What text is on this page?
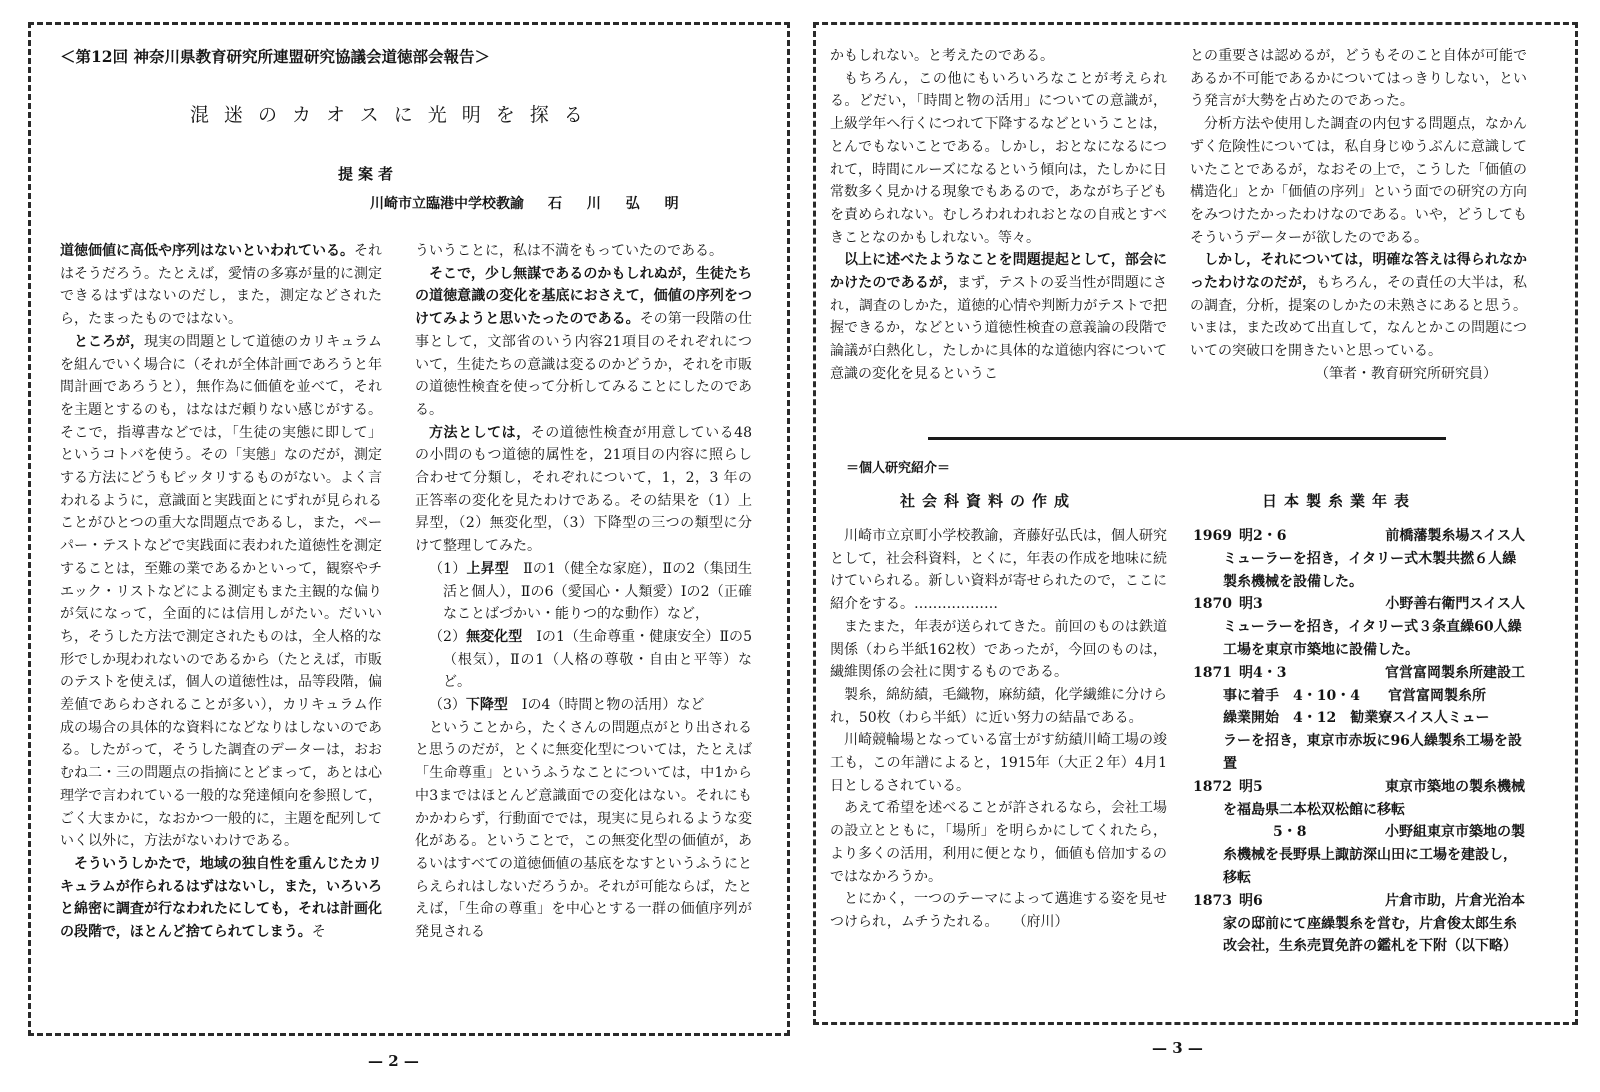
＜第12回 神奈川県教育研究所連盟研究協議会道徳部会報告＞
混迷のカオスに光明を探る
提案者
川崎市立臨港中学校教諭 石 川 弘 明

道徳価値に高低や序列はないといわれている。それはそうだろう。たとえば，愛情の多寡が量的に測定できるはずはないのだし，また，測定などされたら，たまったものではない。

ところが，現実の問題として道徳のカリキュラムを組んでいく場合に（それが全体計画であろうと年間計画であろうと），無作為に価値を並べて，それを主題とするのも，はなはだ頼りない感じがする。そこで，指導書などでは，「生徒の実態に即して」というコトバを使う。その「実態」なのだが，測定する方法にどうもピッタリするものがない。よく言われるように，意識面と実践面とにずれが見られることがひとつの重大な問題点であるし，また，ペーパー・テストなどで実践面に表われた道徳性を測定することは，至難の業であるかといって，観察やチエック・リストなどによる測定もまた主観的な偏りが気になって，全面的には信用しがたい。だいいち，そうした方法で測定されたものは，全人格的な形でしか現われないのであるから（たとえば，市販のテストを使えば，個人の道徳性は，品等段階，偏差値であらわされることが多い），カリキュラム作成の場合の具体的な資料になどなりはしないのである。したがって，そうした調査のデーターは，おおむね二・三の問題点の指摘にとどまって，あとは心理学で言われている一般的な発達傾向を参照して，ごく大まかに，なおかつ一般的に，主題を配列していく以外に，方法がないわけである。

そういうしかたで，地域の独自性を重んじたカリキュラムが作られるはずはないし，また，いろいろと綿密に調査が行なわれたにしても，それは計画化の段階で，ほとんど捨てられてしまう。そ

ういうことに，私は不満をもっていたのである。

そこで，少し無謀であるのかもしれぬが，生徒たちの道徳意識の変化を基底におさえて，価値の序列をつけてみようと思いたったのである。その第一段階の仕事として，文部省のいう内容21項目のそれぞれについて，生徒たちの意識は変るのかどうか，それを市販の道徳性検査を使って分析してみることにしたのである。

方法としては，その道徳性検査が用意している48の小問のもつ道徳的属性を，21項目の内容に照らし合わせて分類し，それぞれについて，1，2，3 年の正答率の変化を見たわけである。その結果を（1）上昇型，（2）無変化型，（3）下降型の三つの類型に分けて整理してみた。

（1）上昇型　 Ⅱの1（健全な家庭），Ⅱの2（集団生活と個人），Ⅱの6（愛国心・人類愛）Ⅰの2（正確なことばづかい・能りつ的な動作）など，

（2）無変化型　 Ⅰの1（生命尊重・健康安全）Ⅱの5（根気），Ⅱの1（人格の尊敬・自由と平等）など。

（3）下降型　 Ⅰの4（時間と物の活用）など

ということから，たくさんの問題点がとり出されると思うのだが，とくに無変化型については，たとえば「生命尊重」というふうなことについては，中1から中3まではほとんど意識面での変化はない。それにもかかわらず，行動面ででは，現実に見られるような変化がある。ということで，この無変化型の価値が，あるいはすべての道徳価値の基底をなすというふうにとらえられはしないだろうか。それが可能ならば，たとえば，「生命の尊重」を中心とする一群の価値序列が発見される

— 2 —

かもしれない。と考えたのである。

もちろん，この他にもいろいろなことが考えられる。どだい，「時間と物の活用」についての意識が，上級学年へ行くにつれて下降するなどということは，とんでもないことである。しかし，おとなになるにつれて，時間にルーズになるという傾向は，たしかに日常数多く見かける現象でもあるので，あながち子どもを責められない。むしろわれわれおとなの自戒とすべきことなのかもしれない。等々。

以上に述べたようなことを問題提起として，部会にかけたのであるが，まず，テストの妥当性が問題にされ，調査のしかた，道徳的心情や判断力がテストで把握できるか，などという道徳性検査の意義論の段階で論議が白熱化し，たしかに具体的な道徳内容について意識の変化を見るというこ

との重要さは認めるが，どうもそのこと自体が可能であるか不可能であるかについてはっきりしない，という発言が大勢を占めたのであった。

分析方法や使用した調査の内包する問題点，なかんずく危険性については，私自身じゆうぶんに意識していたことであるが，なおその上で，こうした「価値の構造化」とか「価値の序列」という面での研究の方向をみつけたかったわけなのである。いや，どうしてもそういうデーターが欲したのである。

しかし，それについては，明確な答えは得られなかったわけなのだが，もちろん，その責任の大半は，私の調査，分析，提案のしかたの未熟さにあると思う。いまは，また改めて出直して，なんとかこの問題についての突破口を開きたいと思っている。

（筆者・教育研究所研究員）

＝個人研究紹介＝
社会科資料の作成	日本製糸業年表

川崎市立京町小学校教諭，斉藤好弘氏は，個人研究として，社会科資料，とくに，年表の作成を地味に続けていられる。新しい資料が寄せられたので，ここに紹介をする。………………

またまた，年表が送られてきた。前回のものは鉄道関係（わら半紙162枚）であったが，今回のものは，繊維関係の会社に関するものである。

製糸，綿紡績，毛織物，麻紡績，化学繊維に分けられ，50枚（わら半紙）に近い努力の結晶である。

川崎競輪場となっている富士がす紡績川崎工場の竣工も，この年譜によると，1915年（大正２年）4月1日としるされている。

あえて希望を述べることが許されるなら，会社工場の設立とともに，「場所」を明らかにしてくれたら，より多くの活用，利用に便となり，価値も倍加するのではなかろうか。

とにかく，一つのテーマによって邁進する姿を見せつけられ，ムチうたれる。　　 （府川）

1969 明2・6	前橋藩製糸場スイス人
ミューラーを招き，イタリー式木製共撚６人繰製糸機械を設備した。
1870 明3	小野善右衛門スイス人
ミューラーを招き，イタリー式３条直繰60人繰工場を東京市築地に設備した。
1871 明4・3	官営富岡製糸所建設工
事に着手　 4・10・4　　 官営富岡製糸所
繰業開始　 4・12　 勧業寮スイス人ミュー
ラーを招き，東京市赤坂に96人繰製糸工場を設置
1872 明5	東京市築地の製糸機械
を福島県二本松双松館に移転
5・8	小野組東京市築地の製
糸機械を長野県上諏訪深山田に工場を建設し，移転
1873 明6	片倉市助，片倉光治本
家の邸前にて座繰製糸を営む，片倉俊太郎生糸改会社，生糸売買免許の鑑札を下附（以下略）
— 3 —
